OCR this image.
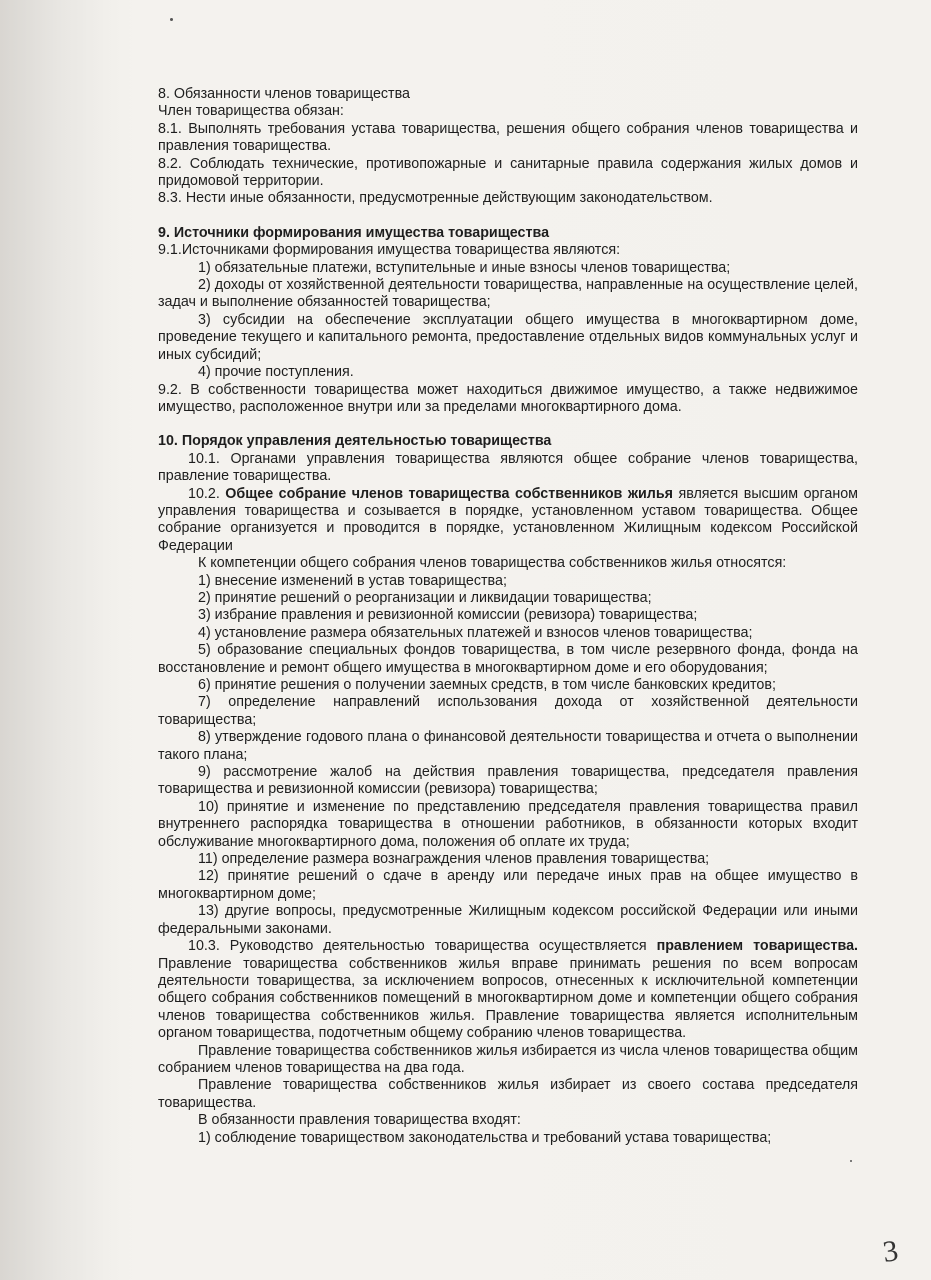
8. Обязанности членов товарищества

Член товарищества обязан:

8.1. Выполнять требования устава товарищества, решения общего собрания членов товарищества и правления товарищества.

8.2. Соблюдать технические, противопожарные и санитарные правила содержания жилых домов и придомовой территории.

8.3. Нести иные обязанности, предусмотренные действующим законодательством.

9. Источники формирования имущества товарищества

9.1.Источниками формирования имущества товарищества являются:

1) обязательные платежи, вступительные и иные взносы членов товарищества;

2) доходы от хозяйственной деятельности товарищества, направленные на осуществление целей, задач и выполнение обязанностей товарищества;

3) субсидии на обеспечение эксплуатации общего имущества в многоквартирном доме, проведение текущего и капитального ремонта, предоставление отдельных видов коммунальных услуг и иных субсидий;

4) прочие поступления.

9.2. В собственности товарищества может находиться движимое имущество, а также недвижимое имущество, расположенное внутри или за пределами многоквартирного дома.

10. Порядок управления деятельностью товарищества

10.1. Органами управления товарищества являются общее собрание членов товарищества, правление товарищества.

10.2. Общее собрание членов товарищества собственников жилья является высшим органом управления товарищества и созывается в порядке, установленном уставом товарищества. Общее собрание организуется и проводится в порядке, установленном Жилищным кодексом Российской Федерации

К компетенции общего собрания членов товарищества собственников жилья относятся:

1) внесение изменений в устав товарищества;

2) принятие решений о реорганизации и ликвидации товарищества;

3) избрание правления и ревизионной комиссии (ревизора) товарищества;

4) установление размера обязательных платежей и взносов членов товарищества;

5) образование специальных фондов товарищества, в том числе резервного фонда, фонда на восстановление и ремонт общего имущества в многоквартирном доме и его оборудования;

6) принятие решения о получении заемных средств, в том числе банковских кредитов;

7) определение направлений использования дохода от хозяйственной деятельности товарищества;

8) утверждение годового плана о финансовой деятельности товарищества и отчета о выполнении такого плана;

9) рассмотрение жалоб на действия правления товарищества, председателя правления товарищества и ревизионной комиссии (ревизора) товарищества;

10) принятие и изменение по представлению председателя правления товарищества правил внутреннего распорядка товарищества в отношении работников, в обязанности которых входит обслуживание многоквартирного дома, положения об оплате их труда;

11) определение размера вознаграждения членов правления товарищества;

12) принятие решений о сдаче в аренду или передаче иных прав на общее имущество в многоквартирном доме;

13) другие вопросы, предусмотренные Жилищным кодексом российской Федерации или иными федеральными законами.

10.3. Руководство деятельностью товарищества осуществляется правлением товарищества. Правление товарищества собственников жилья вправе принимать решения по всем вопросам деятельности товарищества, за исключением вопросов, отнесенных к исключительной компетенции общего собрания собственников помещений в многоквартирном доме и компетенции общего собрания членов товарищества собственников жилья. Правление товарищества является исполнительным органом товарищества, подотчетным общему собранию членов товарищества.

Правление товарищества собственников жилья избирается из числа членов товарищества общим собранием членов товарищества на два года.

Правление товарищества собственников жилья избирает из своего состава председателя товарищества.

В обязанности правления товарищества входят:

1) соблюдение товариществом законодательства и требований устава товарищества;

3
